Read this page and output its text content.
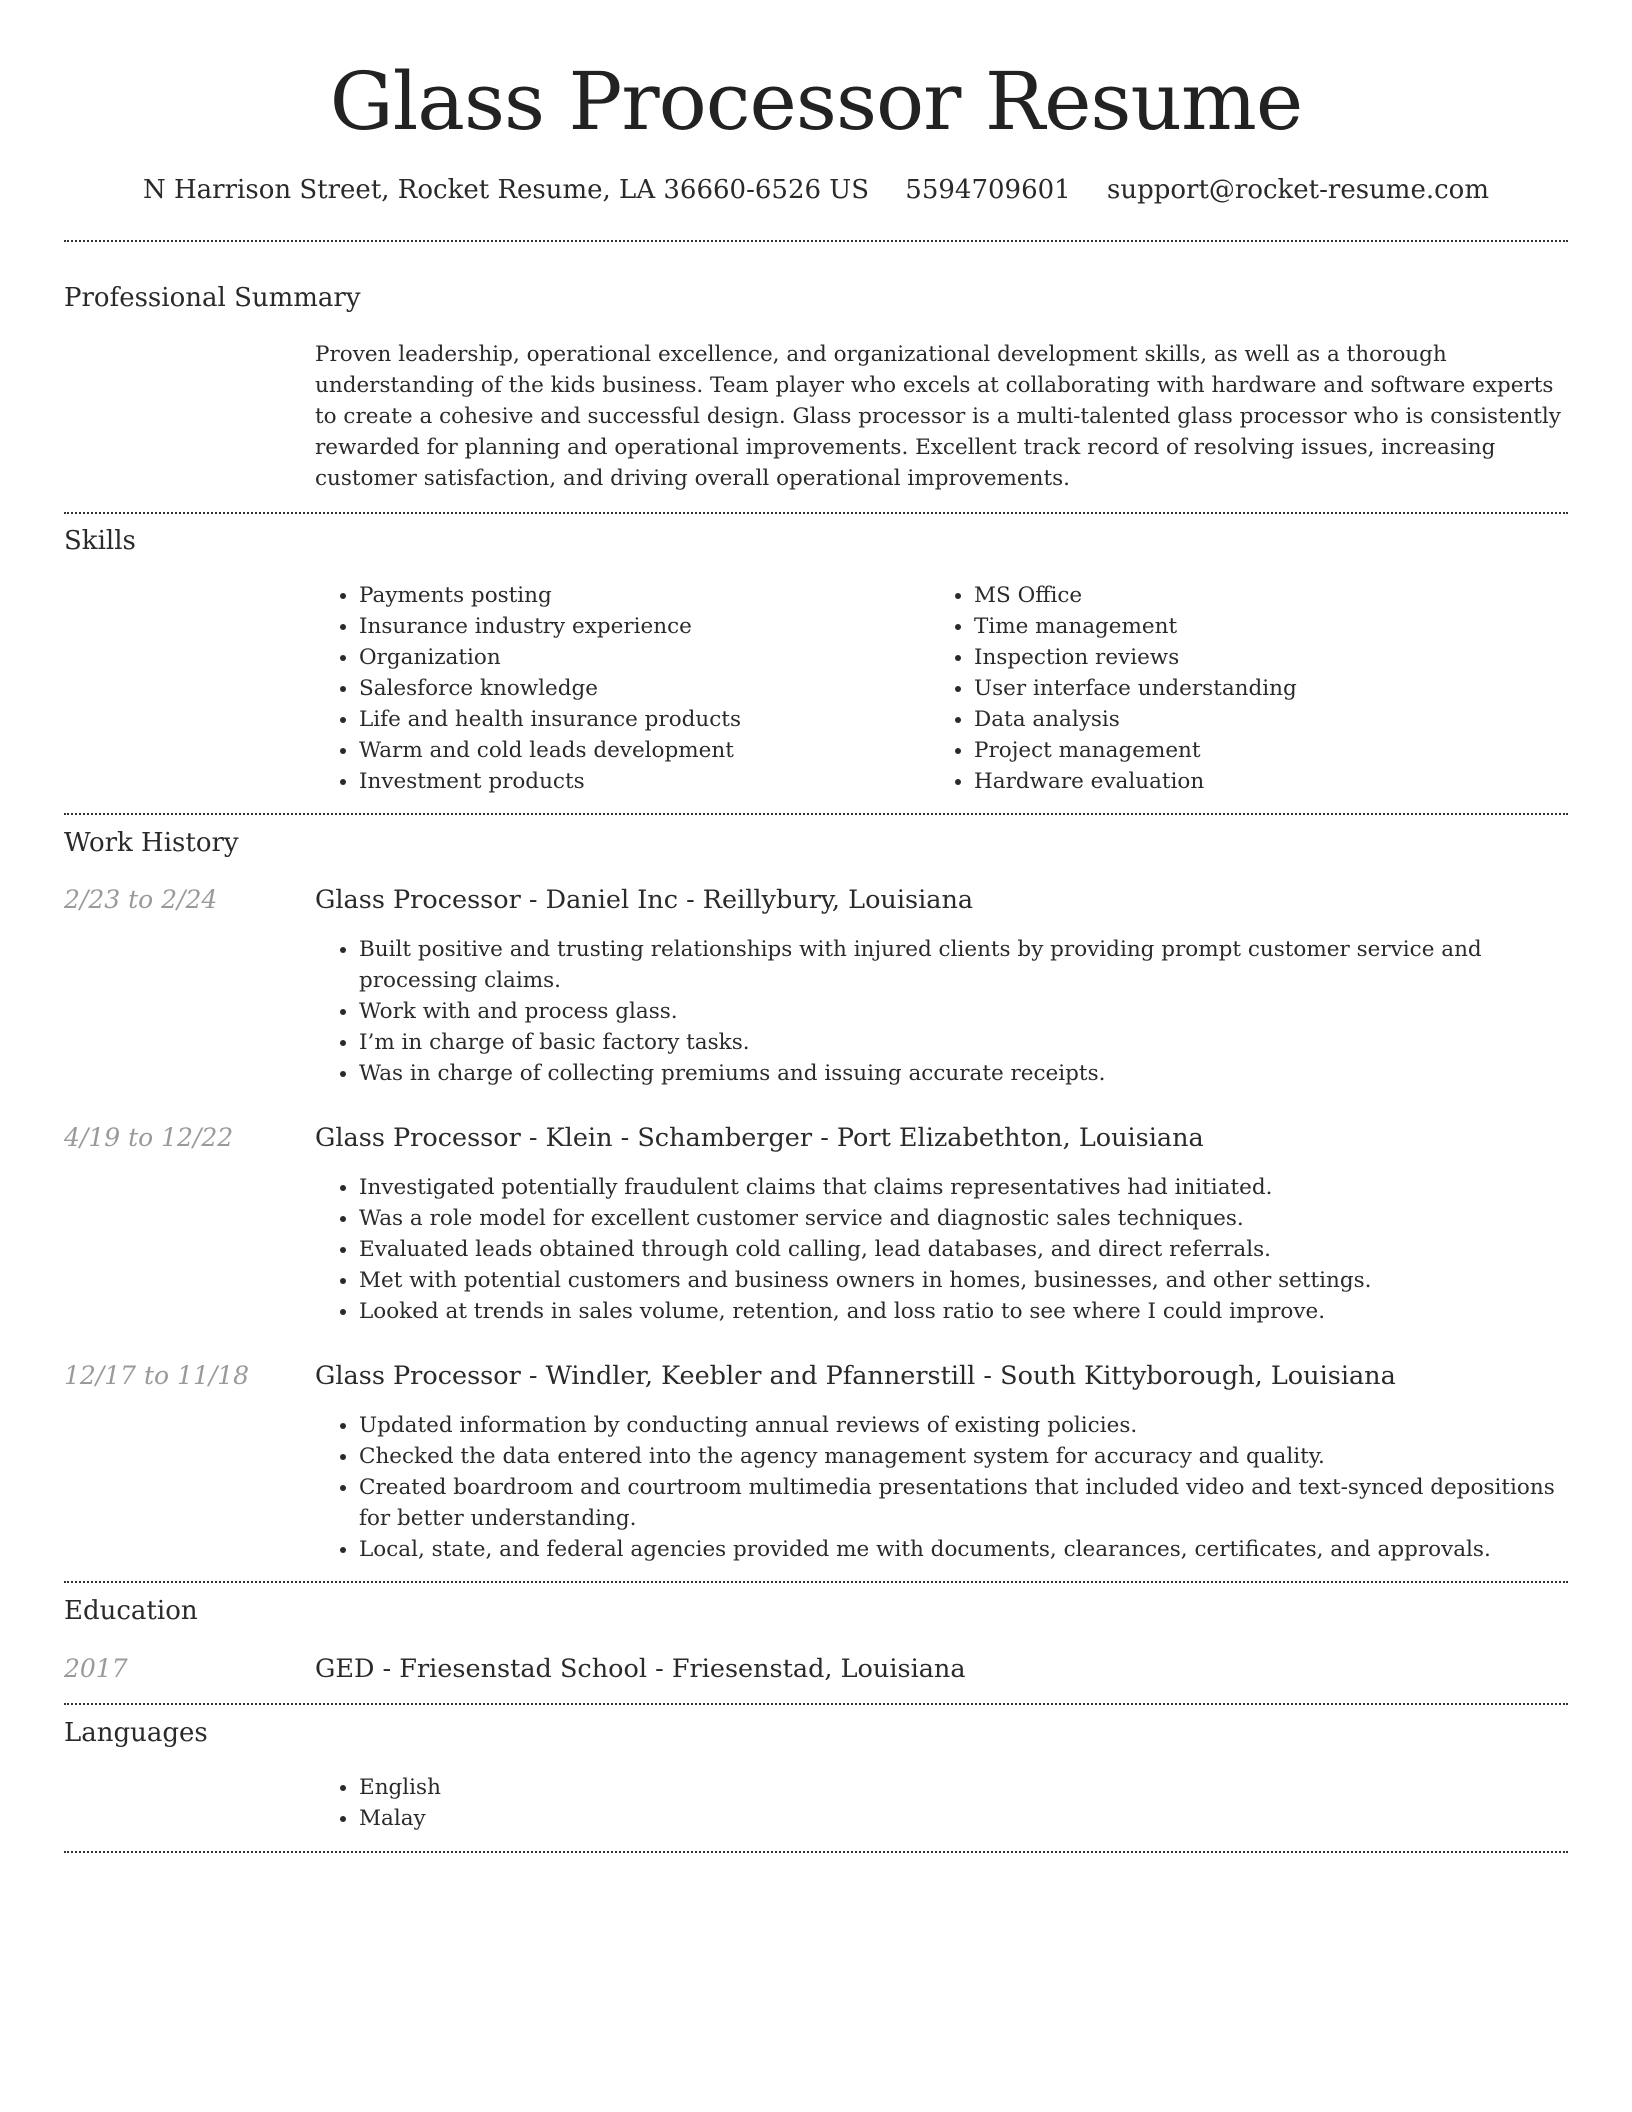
Glass Processor Resume
N Harrison Street, Rocket Resume, LA 36660-6526 US 5594709601 support@rocket-resume.com
Professional Summary

Proven leadership, operational excellence, and organizational development skills, as well as a thorough understanding of the kids business. Team player who excels at collaborating with hardware and software experts to create a cohesive and successful design. Glass processor is a multi-talented glass processor who is consistently rewarded for planning and operational improvements. Excellent track record of resolving issues, increasing customer satisfaction, and driving overall operational improvements.

Skills
• Payments posting
• Insurance industry experience
• Organization
• Salesforce knowledge
• Life and health insurance products
• Warm and cold leads development
• Investment products
• MS Office
• Time management
• Inspection reviews
• User interface understanding
• Data analysis
• Project management
• Hardware evaluation
Work History
2/23 to 2/24	Glass Processor - Daniel Inc - Reillybury, Louisiana
• Built positive and trusting relationships with injured clients by providing prompt customer service and processing claims.
• Work with and process glass.
• I’m in charge of basic factory tasks.
• Was in charge of collecting premiums and issuing accurate receipts.
4/19 to 12/22	Glass Processor - Klein - Schamberger - Port Elizabethton, Louisiana
• Investigated potentially fraudulent claims that claims representatives had initiated.
• Was a role model for excellent customer service and diagnostic sales techniques.
• Evaluated leads obtained through cold calling, lead databases, and direct referrals.
• Met with potential customers and business owners in homes, businesses, and other settings.
• Looked at trends in sales volume, retention, and loss ratio to see where I could improve.
12/17 to 11/18	Glass Processor - Windler, Keebler and Pfannerstill - South Kittyborough, Louisiana
• Updated information by conducting annual reviews of existing policies.
• Checked the data entered into the agency management system for accuracy and quality.
• Created boardroom and courtroom multimedia presentations that included video and text-synced depositions for better understanding.
• Local, state, and federal agencies provided me with documents, clearances, certificates, and approvals.
Education
2017	GED - Friesenstad School - Friesenstad, Louisiana
Languages
• English
• Malay
